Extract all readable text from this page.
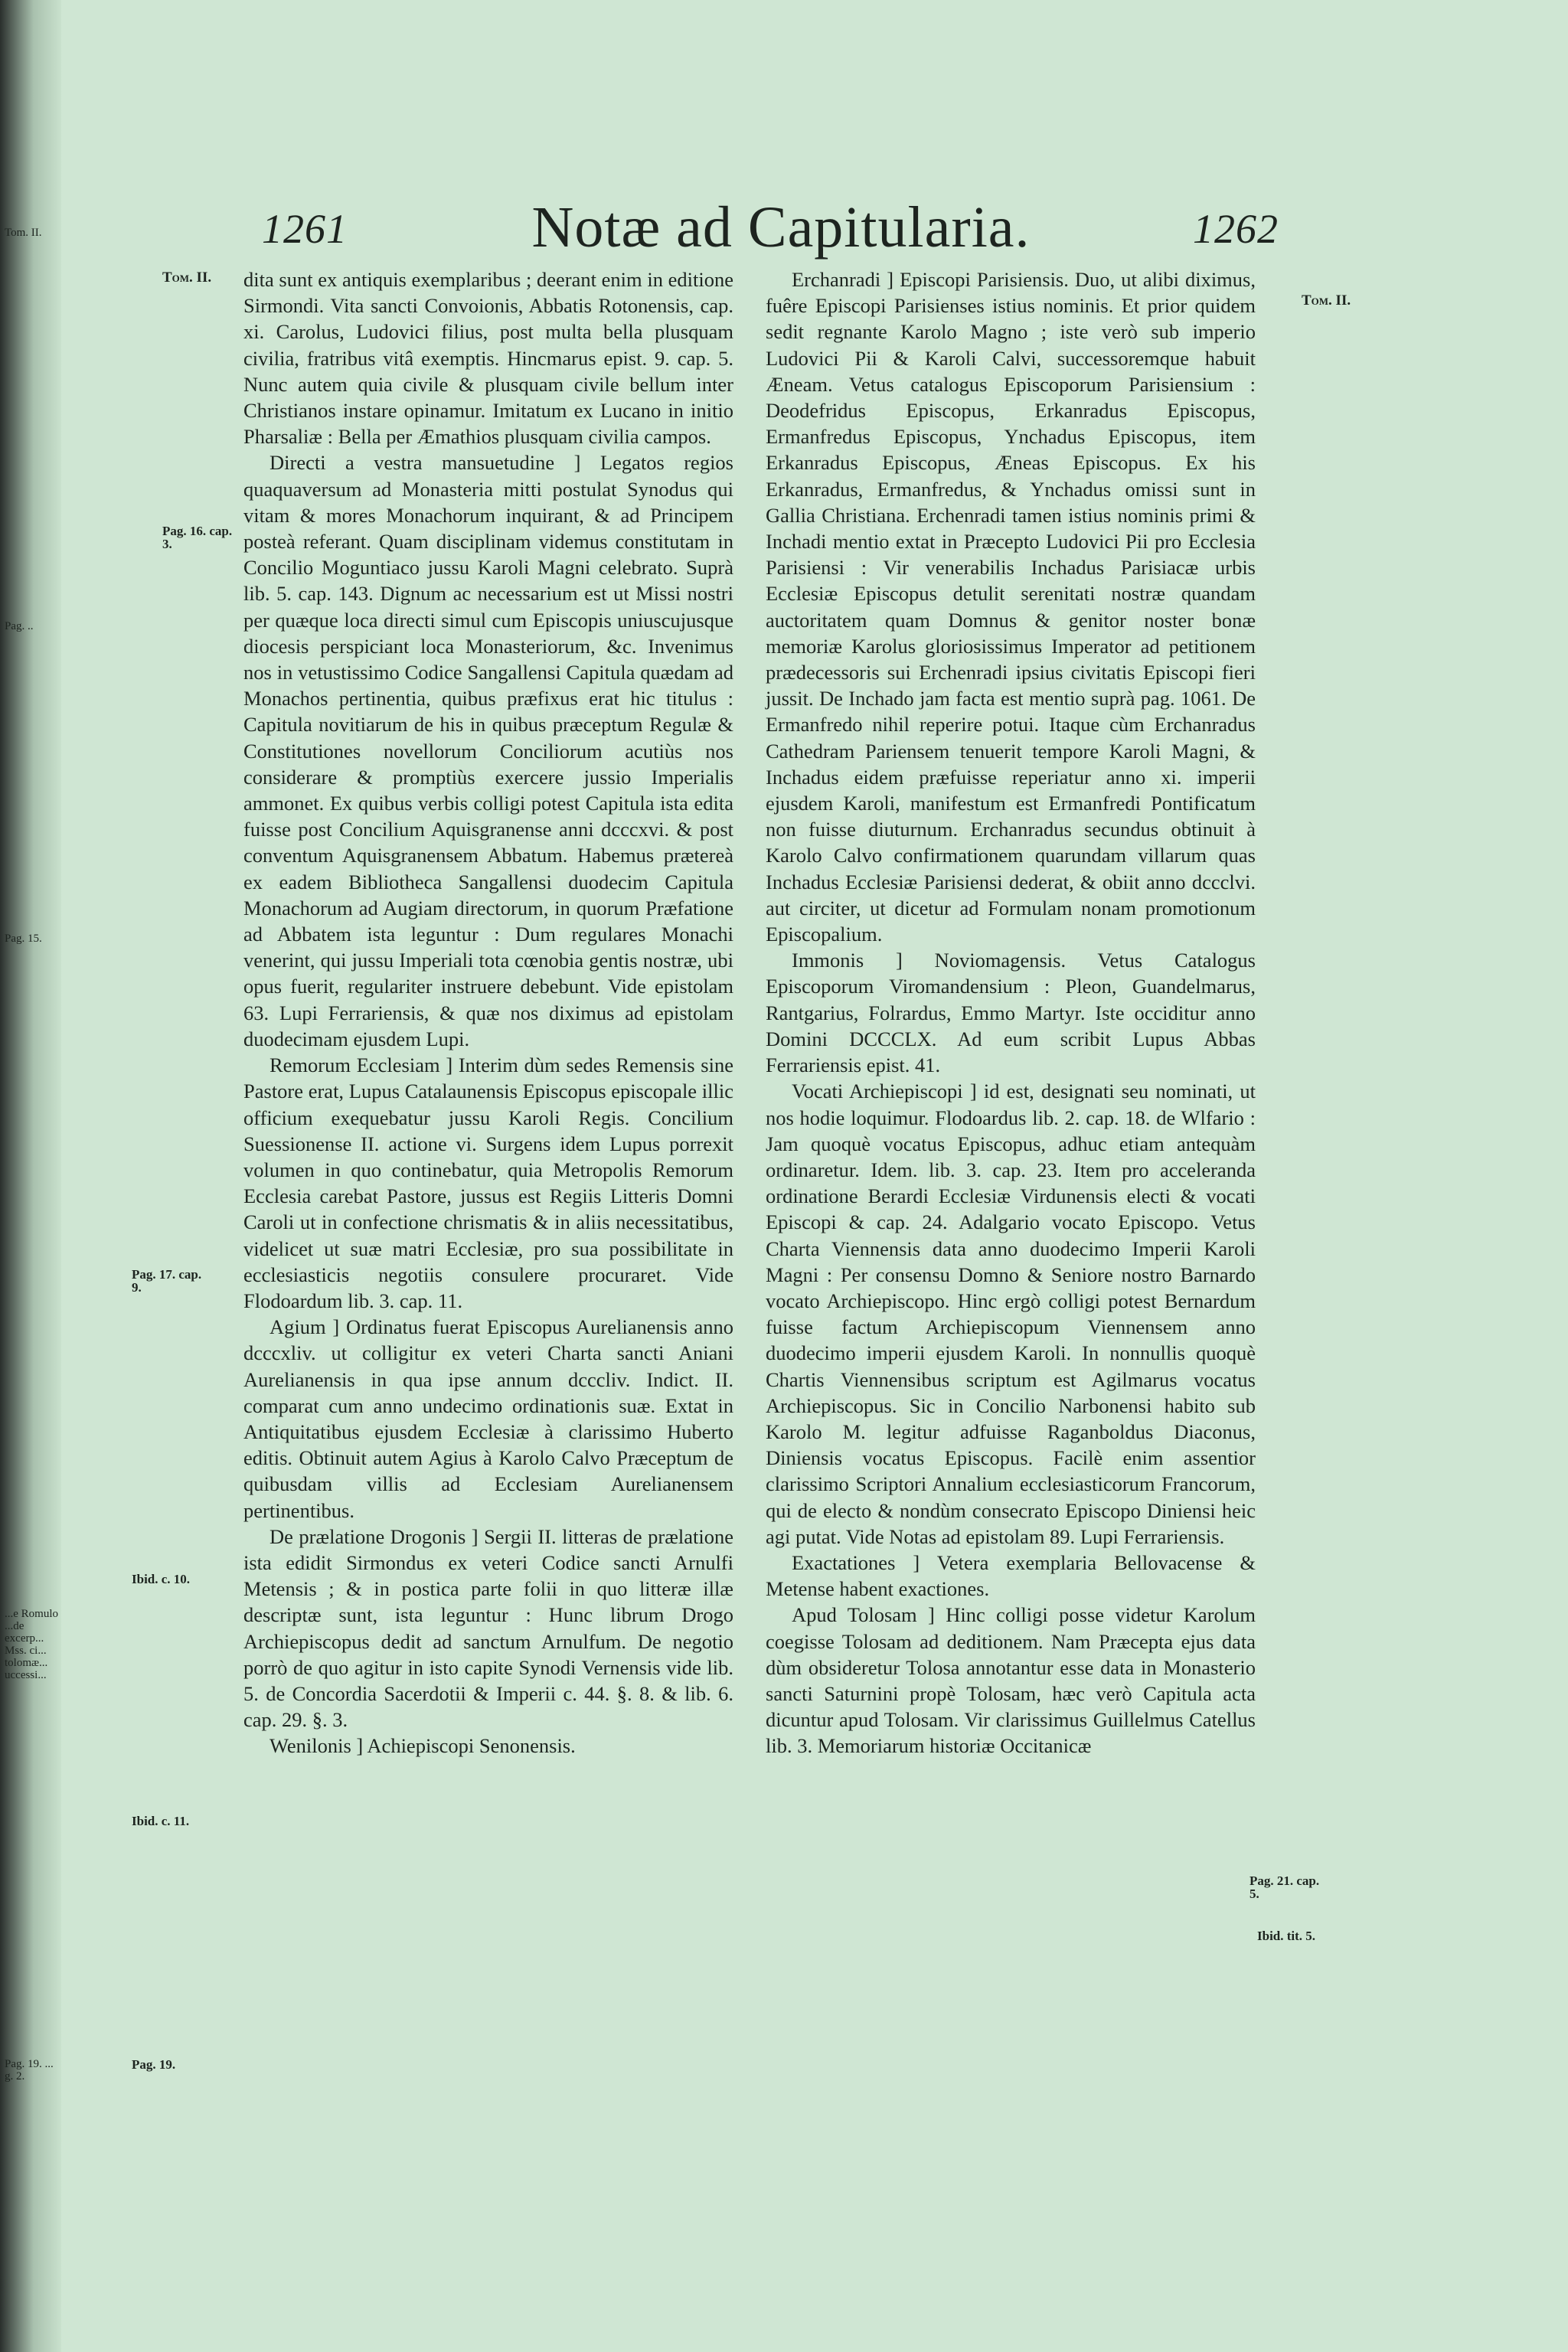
Tom. II.
Pag. ..
Pag. 15.
...e Romulo ...de excerp... Mss. ci... tolomæ... uccessi...
Pag. 19. ... g. 2.
1261	Notæ ad Capitularia.	1262
Tom. II.
Tom. II.
Pag. 16. cap. 3.
Pag. 17. cap. 9.
Ibid. c. 10.
Ibid. c. 11.
Pag. 19.
Pag. 21. cap. 5.
Ibid. tit. 5.

dita sunt ex antiquis exemplaribus ; deerant enim in editione Sirmondi. Vita sancti Convoionis, Abbatis Rotonensis, cap. xi. Carolus, Ludovici filius, post multa bella plusquam civilia, fratribus vitâ exemptis. Hincmarus epist. 9. cap. 5. Nunc autem quia civile & plusquam civile bellum inter Christianos instare opinamur. Imitatum ex Lucano in initio Pharsaliæ : Bella per Æmathios plusquam civilia campos.

Directi a vestra mansuetudine ] Legatos regios quaquaversum ad Monasteria mitti postulat Synodus qui vitam & mores Monachorum inquirant, & ad Principem posteà referant. Quam disciplinam videmus constitutam in Concilio Moguntiaco jussu Karoli Magni celebrato. Suprà lib. 5. cap. 143. Dignum ac necessarium est ut Missi nostri per quæque loca directi simul cum Episcopis uniuscujusque diocesis perspiciant loca Monasteriorum, &c. Invenimus nos in vetustissimo Codice Sangallensi Capitula quædam ad Monachos pertinentia, quibus præfixus erat hic titulus : Capitula novitiarum de his in quibus præceptum Regulæ & Constitutiones novellorum Conciliorum acutiùs nos considerare & promptiùs exercere jussio Imperialis ammonet. Ex quibus verbis colligi potest Capitula ista edita fuisse post Concilium Aquisgranense anni dcccxvi. & post conventum Aquisgranensem Abbatum. Habemus prætereà ex eadem Bibliotheca Sangallensi duodecim Capitula Monachorum ad Augiam directorum, in quorum Præfatione ad Abbatem ista leguntur : Dum regulares Monachi venerint, qui jussu Imperiali tota cœnobia gentis nostræ, ubi opus fuerit, regulariter instruere debebunt. Vide epistolam 63. Lupi Ferrariensis, & quæ nos diximus ad epistolam duodecimam ejusdem Lupi.

Remorum Ecclesiam ] Interim dùm sedes Remensis sine Pastore erat, Lupus Catalaunensis Episcopus episcopale illic officium exequebatur jussu Karoli Regis. Concilium Suessionense II. actione vi. Surgens idem Lupus porrexit volumen in quo continebatur, quia Metropolis Remorum Ecclesia carebat Pastore, jussus est Regiis Litteris Domni Caroli ut in confectione chrismatis & in aliis necessitatibus, videlicet ut suæ matri Ecclesiæ, pro sua possibilitate in ecclesiasticis negotiis consulere procuraret. Vide Flodoardum lib. 3. cap. 11.

Agium ] Ordinatus fuerat Episcopus Aurelianensis anno dcccxliv. ut colligitur ex veteri Charta sancti Aniani Aurelianensis in qua ipse annum dcccliv. Indict. II. comparat cum anno undecimo ordinationis suæ. Extat in Antiquitatibus ejusdem Ecclesiæ à clarissimo Huberto editis. Obtinuit autem Agius à Karolo Calvo Præceptum de quibusdam villis ad Ecclesiam Aurelianensem pertinentibus.

De prælatione Drogonis ] Sergii II. litteras de prælatione ista edidit Sirmondus ex veteri Codice sancti Arnulfi Metensis ; & in postica parte folii in quo litteræ illæ descriptæ sunt, ista leguntur : Hunc librum Drogo Archiepiscopus dedit ad sanctum Arnulfum. De negotio porrò de quo agitur in isto capite Synodi Vernensis vide lib. 5. de Concordia Sacerdotii & Imperii c. 44. §. 8. & lib. 6. cap. 29. §. 3.

Wenilonis ] Achiepiscopi Senonensis.

Erchanradi ] Episcopi Parisiensis. Duo, ut alibi diximus, fuêre Episcopi Parisienses istius nominis. Et prior quidem sedit regnante Karolo Magno ; iste verò sub imperio Ludovici Pii & Karoli Calvi, successoremque habuit Æneam. Vetus catalogus Episcoporum Parisiensium : Deodefridus Episcopus, Erkanradus Episcopus, Ermanfredus Episcopus, Ynchadus Episcopus, item Erkanradus Episcopus, Æneas Episcopus. Ex his Erkanradus, Ermanfredus, & Ynchadus omissi sunt in Gallia Christiana. Erchenradi tamen istius nominis primi & Inchadi mentio extat in Præcepto Ludovici Pii pro Ecclesia Parisiensi : Vir venerabilis Inchadus Parisiacæ urbis Ecclesiæ Episcopus detulit serenitati nostræ quandam auctoritatem quam Domnus & genitor noster bonæ memoriæ Karolus gloriosissimus Imperator ad petitionem prædecessoris sui Erchenradi ipsius civitatis Episcopi fieri jussit. De Inchado jam facta est mentio suprà pag. 1061. De Ermanfredo nihil reperire potui. Itaque cùm Erchanradus Cathedram Pariensem tenuerit tempore Karoli Magni, & Inchadus eidem præfuisse reperiatur anno xi. imperii ejusdem Karoli, manifestum est Ermanfredi Pontificatum non fuisse diuturnum. Erchanradus secundus obtinuit à Karolo Calvo confirmationem quarundam villarum quas Inchadus Ecclesiæ Parisiensi dederat, & obiit anno dccclvi. aut circiter, ut dicetur ad Formulam nonam promotionum Episcopalium.

Immonis ] Noviomagensis. Vetus Catalogus Episcoporum Viromandensium : Pleon, Guandelmarus, Rantgarius, Folrardus, Emmo Martyr. Iste occiditur anno Domini DCCCLX. Ad eum scribit Lupus Abbas Ferrariensis epist. 41.

Vocati Archiepiscopi ] id est, designati seu nominati, ut nos hodie loquimur. Flodoardus lib. 2. cap. 18. de Wlfario : Jam quoquè vocatus Episcopus, adhuc etiam antequàm ordinaretur. Idem. lib. 3. cap. 23. Item pro acceleranda ordinatione Berardi Ecclesiæ Virdunensis electi & vocati Episcopi & cap. 24. Adalgario vocato Episcopo. Vetus Charta Viennensis data anno duodecimo Imperii Karoli Magni : Per consensu Domno & Seniore nostro Barnardo vocato Archiepiscopo. Hinc ergò colligi potest Bernardum fuisse factum Archiepiscopum Viennensem anno duodecimo imperii ejusdem Karoli. In nonnullis quoquè Chartis Viennensibus scriptum est Agilmarus vocatus Archiepiscopus. Sic in Concilio Narbonensi habito sub Karolo M. legitur adfuisse Raganboldus Diaconus, Diniensis vocatus Episcopus. Facilè enim assentior clarissimo Scriptori Annalium ecclesiasticorum Francorum, qui de electo & nondùm consecrato Episcopo Diniensi heic agi putat. Vide Notas ad epistolam 89. Lupi Ferrariensis.

Exactationes ] Vetera exemplaria Bellovacense & Metense habent exactiones.

Apud Tolosam ] Hinc colligi posse videtur Karolum coegisse Tolosam ad deditionem. Nam Præcepta ejus data dùm obsideretur Tolosa annotantur esse data in Monasterio sancti Saturnini propè Tolosam, hæc verò Capitula acta dicuntur apud Tolosam. Vir clarissimus Guillelmus Catellus lib. 3. Memoriarum historiæ Occitanicæ
